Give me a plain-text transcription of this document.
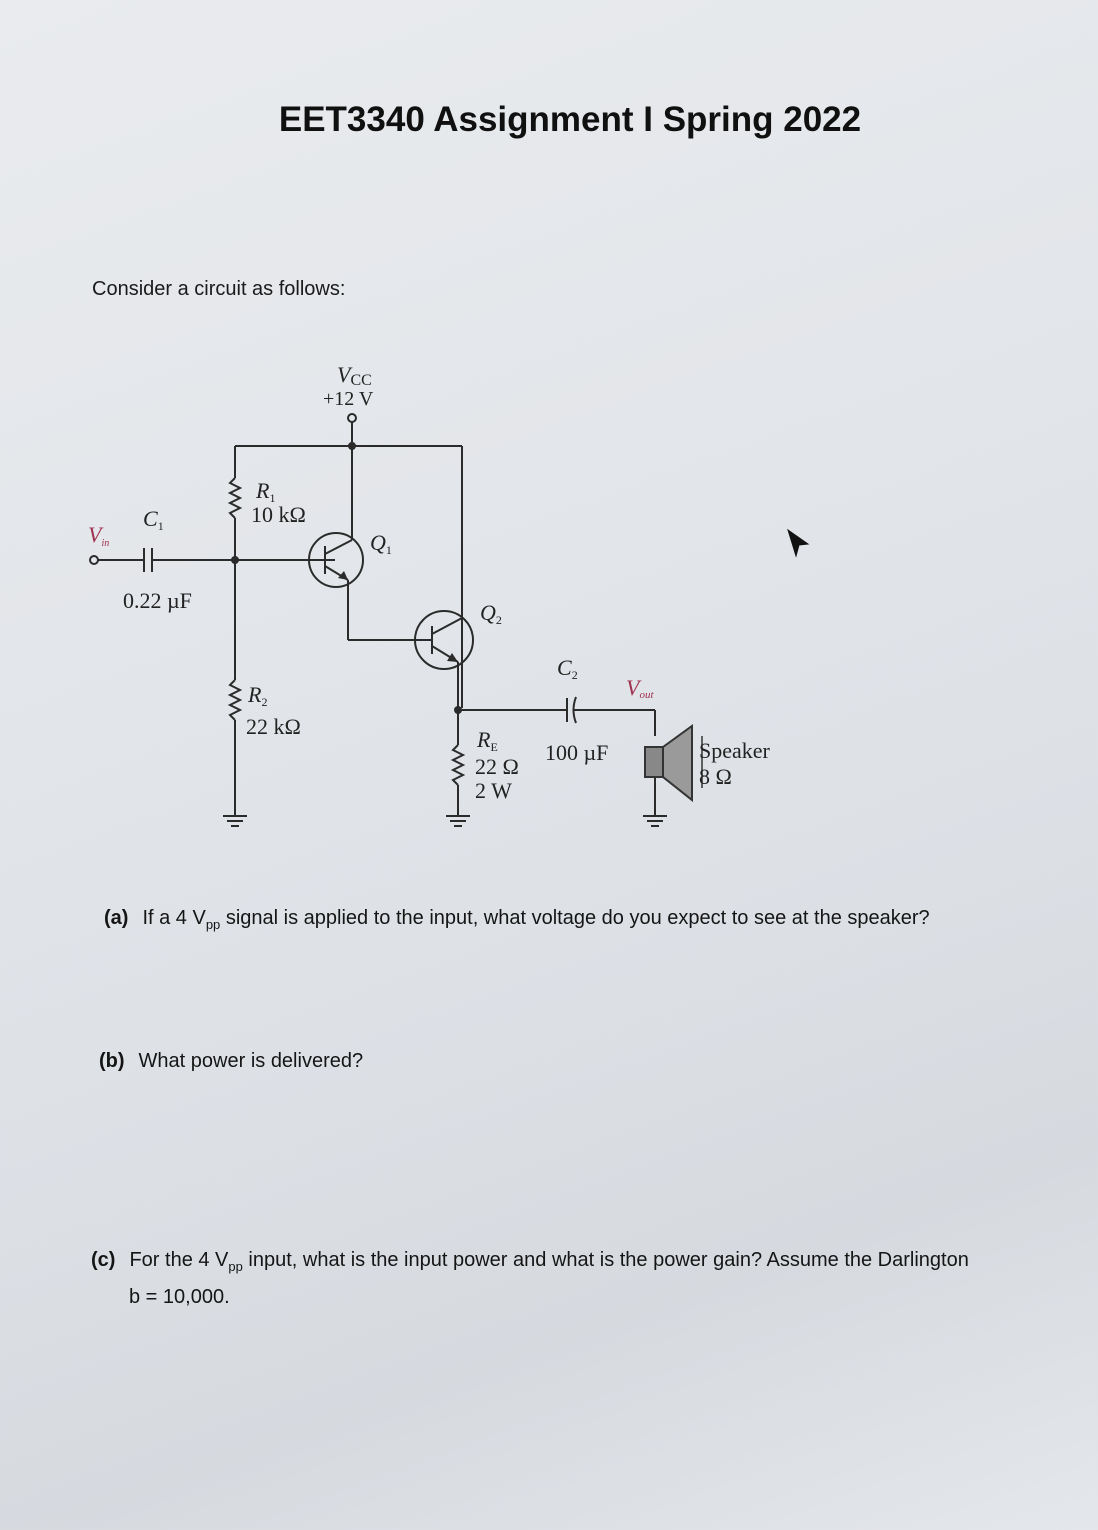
EET3340 Assignment I Spring 2022

Consider a circuit as follows:

VCC
+12 V
R1
10 kΩ
C1
0.22 µF
Vin	Q1
Q2
R2
22 kΩ
C2
100 µF
Vout
RE
22 Ω
2 W
Speaker
8 Ω
(a) If a 4 $V_{pp}$ signal is applied to the input, what voltage do you expect to see at the speaker?
(b) What power is delivered?
(c) For the 4 $V_{pp}$ input, what is the input power and what is the power gain? Assume the Darlington
b = 10,000.
